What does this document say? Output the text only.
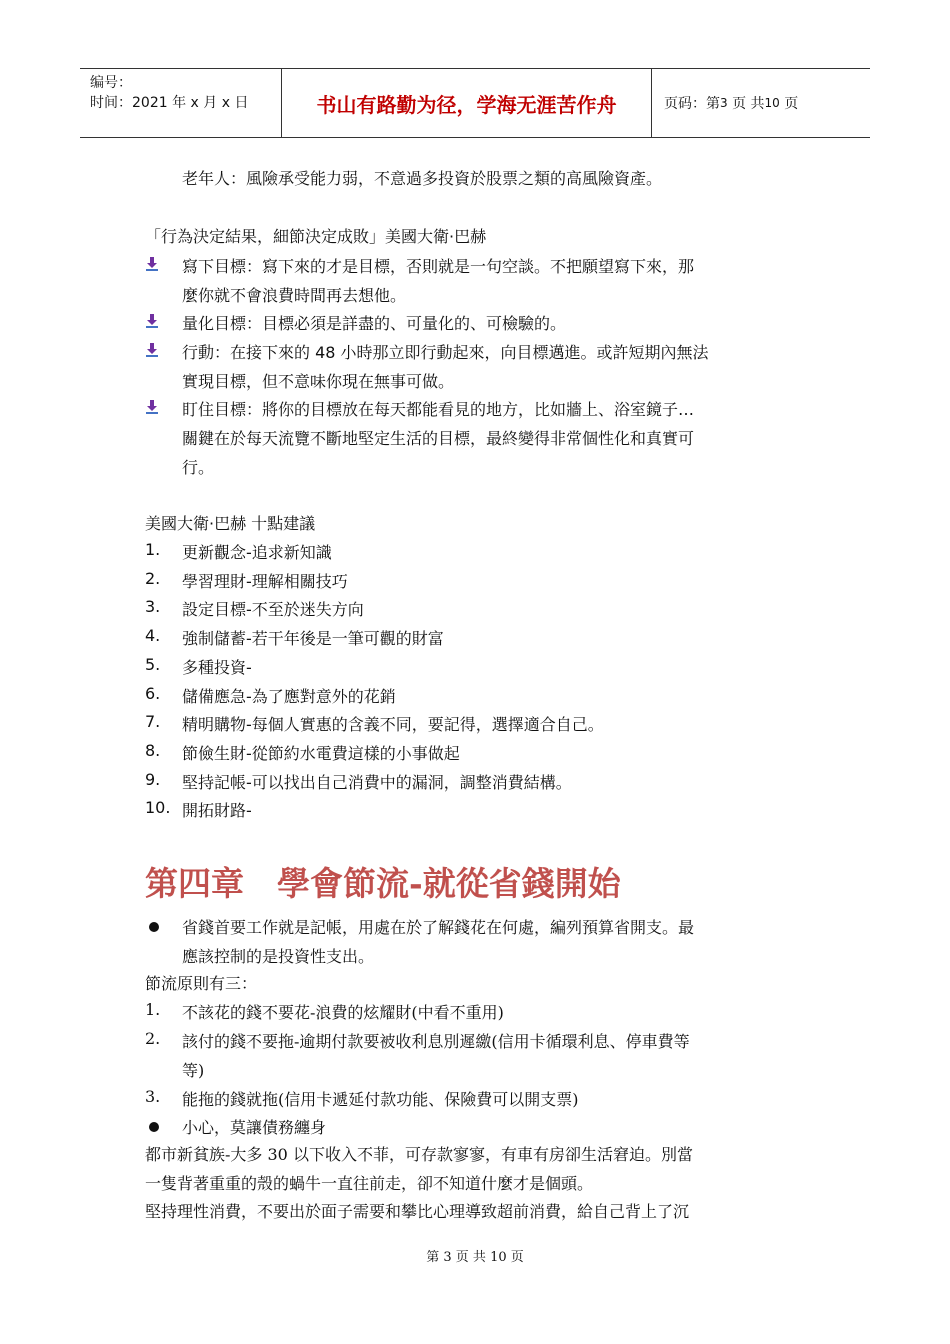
编号：
时间：2021 年 x 月 x 日	书山有路勤为径，学海无涯苦作舟	页码：第 3
页 共 10
页
老年人：風險承受能力弱，不意過多投資於股票之類的高風險資產。
「行為決定結果，細節決定成敗」美國大衛·巴赫
寫下目標：寫下來的才是目標，否則就是一句空談。不把願望寫下來，那
麼你就不會浪費時間再去想他。
量化目標：目標必須是詳盡的、可量化的、可檢驗的。
行動：在接下來的 48 小時那立即行動起來，向目標邁進。或許短期內無法
實現目標，但不意味你現在無事可做。
盯住目標：將你的目標放在每天都能看見的地方，比如牆上、浴室鏡子…
關鍵在於每天流覽不斷地堅定生活的目標，最終變得非常個性化和真實可
行。
美國大衛·巴赫 十點建議
1. 更新觀念-追求新知識
2. 學習理財-理解相關技巧
3. 設定目標-不至於迷失方向
4. 強制儲蓄-若干年後是一筆可觀的財富
5. 多種投資-
6. 儲備應急-為了應對意外的花銷
7. 精明購物-每個人實惠的含義不同，要記得，選擇適合自己。
8. 節儉生財-從節約水電費這樣的小事做起
9. 堅持記帳-可以找出自己消費中的漏洞，調整消費結構。
10. 開拓財路-
第四章　學會節流-就從省錢開始
省錢首要工作就是記帳，用處在於了解錢花在何處，編列預算省開支。最
應該控制的是投資性支出。
節流原則有三：
1. 不該花的錢不要花-浪費的炫耀財(中看不重用)
2. 該付的錢不要拖-逾期付款要被收利息別遲繳(信用卡循環利息、停車費等
等)
3. 能拖的錢就拖(信用卡遞延付款功能、保險費可以開支票)
小心，莫讓債務纏身
都市新貧族-大多 30 以下收入不菲，可存款寥寥，有車有房卻生活窘迫。別當
一隻背著重重的殼的蝸牛一直往前走，卻不知道什麼才是個頭。
堅持理性消費，不要出於面子需要和攀比心理導致超前消費，給自己背上了沉
第 3 页 共 10 页
